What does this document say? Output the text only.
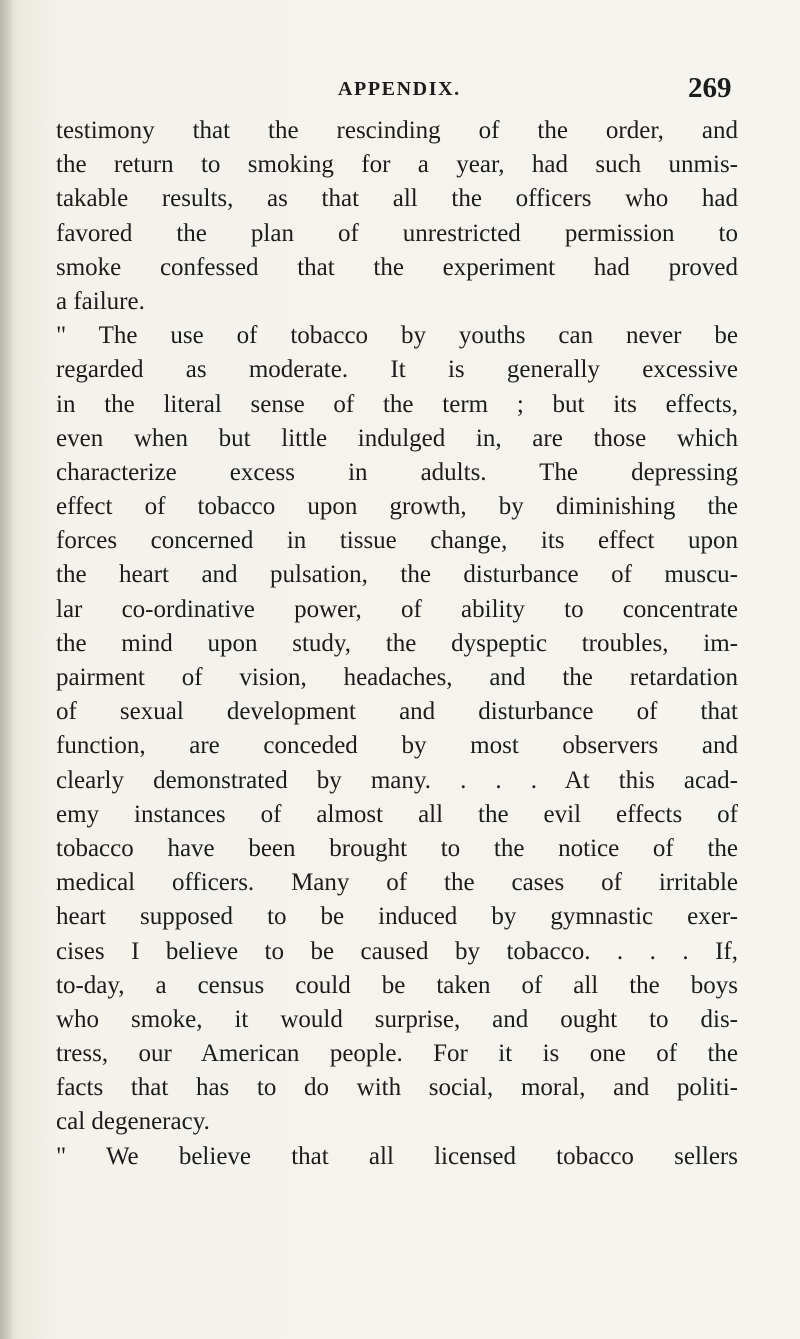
APPENDIX.	269
testimony that the rescinding of the order, and
the return to smoking for a year, had such unmis-
takable results, as that all the officers who had
favored the plan of unrestricted permission to
smoke confessed that the experiment had proved
a failure.
" The use of tobacco by youths can never be
regarded as moderate. It is generally excessive
in the literal sense of the term ; but its effects,
even when but little indulged in, are those which
characterize excess in adults. The depressing
effect of tobacco upon growth, by diminishing the
forces concerned in tissue change, its effect upon
the heart and pulsation, the disturbance of muscu-
lar co-ordinative power, of ability to concentrate
the mind upon study, the dyspeptic troubles, im-
pairment of vision, headaches, and the retardation
of sexual development and disturbance of that
function, are conceded by most observers and
clearly demonstrated by many. . . . At this acad-
emy instances of almost all the evil effects of
tobacco have been brought to the notice of the
medical officers. Many of the cases of irritable
heart supposed to be induced by gymnastic exer-
cises I believe to be caused by tobacco. . . . If,
to-day, a census could be taken of all the boys
who smoke, it would surprise, and ought to dis-
tress, our American people. For it is one of the
facts that has to do with social, moral, and politi-
cal degeneracy.
" We believe that all licensed tobacco sellers
